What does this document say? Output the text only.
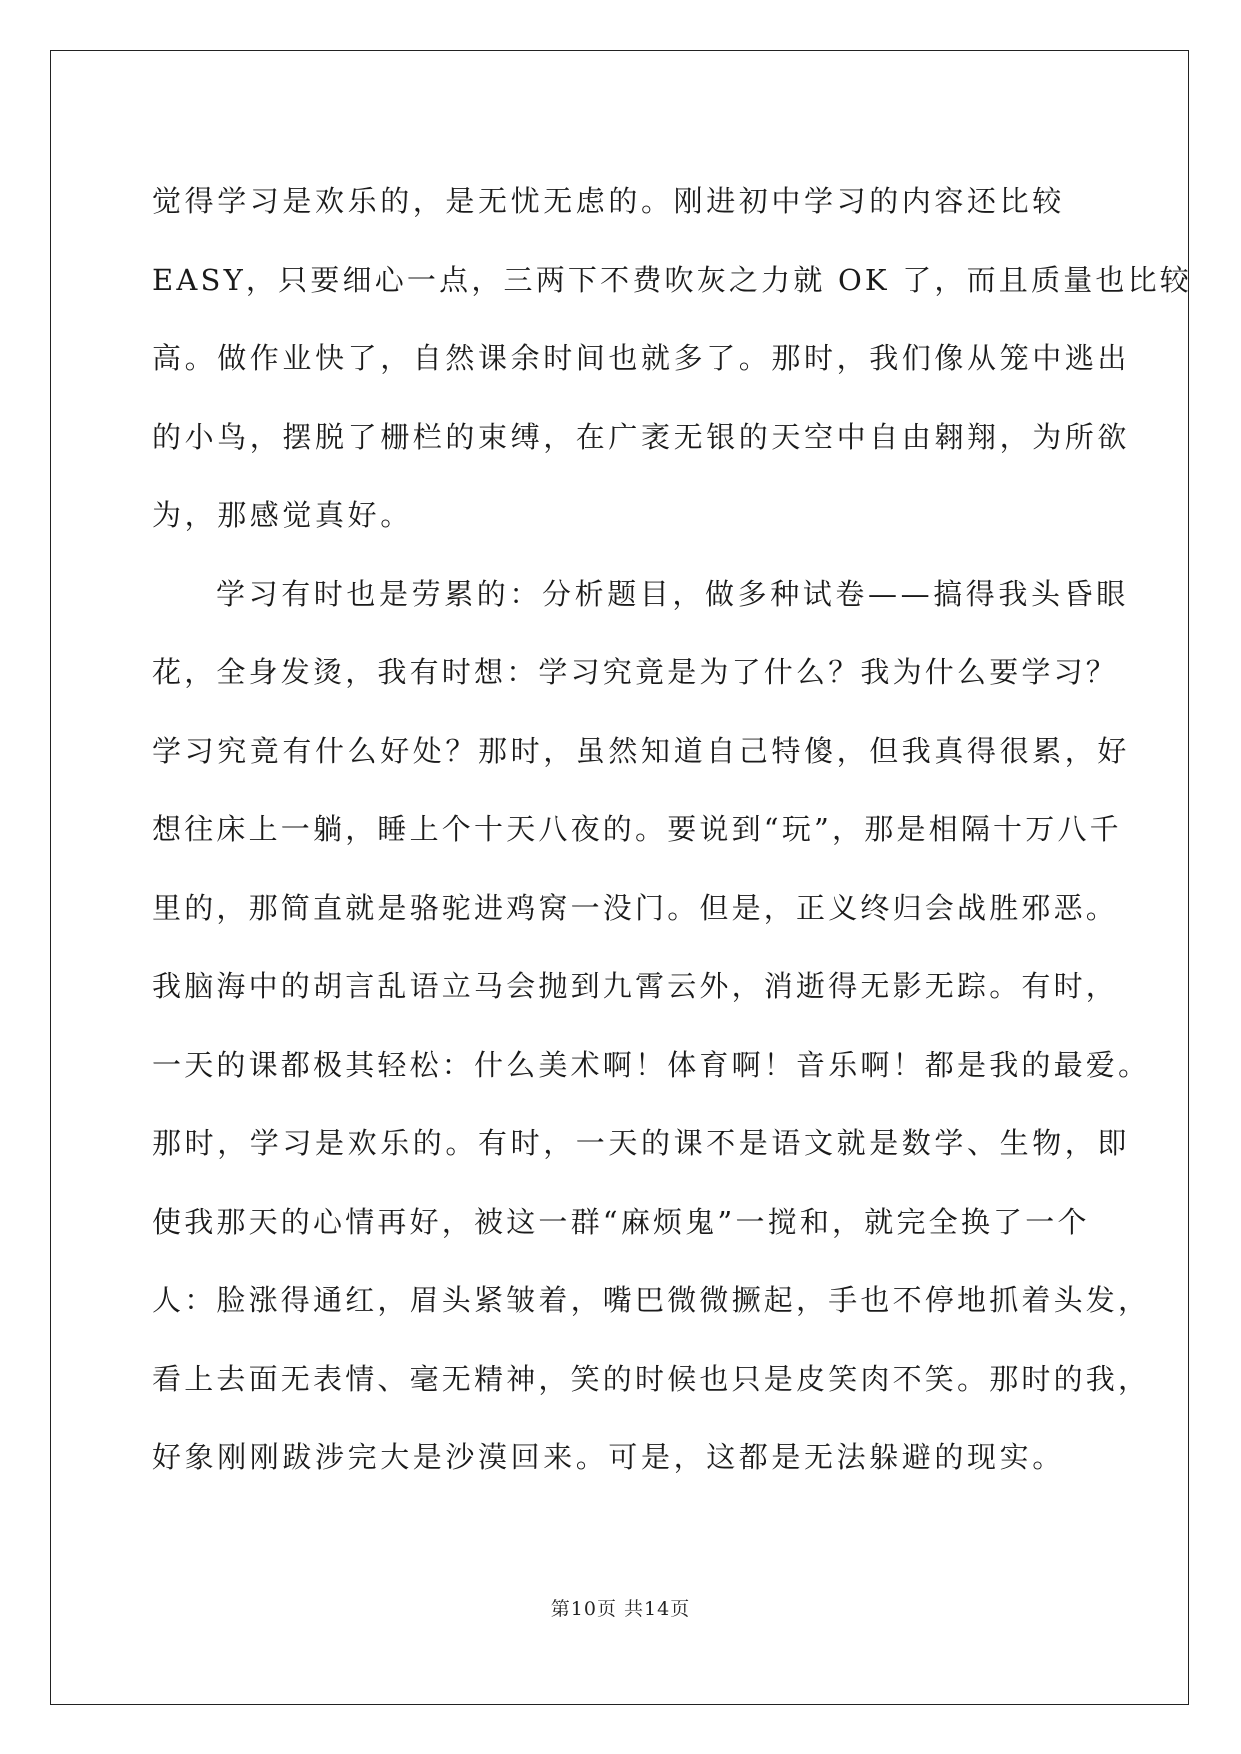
觉得学习是欢乐的，是无忧无虑的。刚进初中学习的内容还比较
EASY，只要细心一点，三两下不费吹灰之力就 OK 了，而且质量也比较
高。做作业快了，自然课余时间也就多了。那时，我们像从笼中逃出
的小鸟，摆脱了栅栏的束缚，在广袤无银的天空中自由翱翔，为所欲
为，那感觉真好。
学习有时也是劳累的：分析题目，做多种试卷——搞得我头昏眼
花，全身发烫，我有时想：学习究竟是为了什么？我为什么要学习？
学习究竟有什么好处？那时，虽然知道自己特傻，但我真得很累，好
想往床上一躺，睡上个十天八夜的。要说到“玩”，那是相隔十万八千
里的，那简直就是骆驼进鸡窝一没门。但是，正义终归会战胜邪恶。
我脑海中的胡言乱语立马会抛到九霄云外，消逝得无影无踪。有时，
一天的课都极其轻松：什么美术啊！体育啊！音乐啊！都是我的最爱。
那时，学习是欢乐的。有时，一天的课不是语文就是数学、生物，即
使我那天的心情再好，被这一群“麻烦鬼”一搅和，就完全换了一个
人：脸涨得通红，眉头紧皱着，嘴巴微微撅起，手也不停地抓着头发，
看上去面无表情、毫无精神，笑的时候也只是皮笑肉不笑。那时的我，
好象刚刚跋涉完大是沙漠回来。可是，这都是无法躲避的现实。
第10页 共14页
